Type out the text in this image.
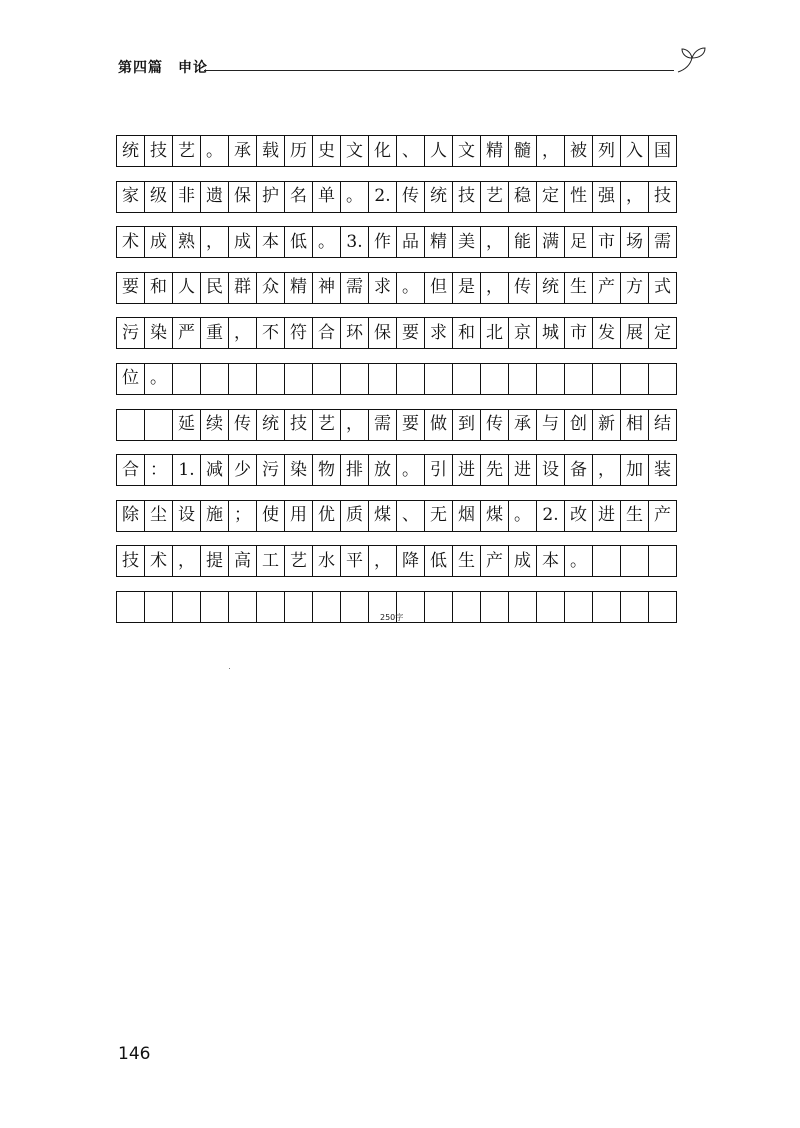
第四篇　申论
统 技 艺 。 承 载 历 史 文 化 、 人 文 精 髓 ， 被 列 入 国
家 级 非 遗 保 护 名 单 。 2. 传 统 技 艺 稳 定 性 强 ， 技
术 成 熟 ， 成 本 低 。 3. 作 品 精 美 ， 能 满 足 市 场 需
要 和 人 民 群 众 精 神 需 求 。 但 是 ， 传 统 生 产 方 式
污 染 严 重 ， 不 符 合 环 保 要 求 和 北 京 城 市 发 展 定
位 。
延 续 传 统 技 艺 ， 需 要 做 到 传 承 与 创 新 相 结
合 ： 1. 减 少 污 染 物 排 放 。 引 进 先 进 设 备 ， 加 装
除 尘 设 施 ； 使 用 优 质 煤 、 无 烟 煤 。 2. 改 进 生 产
技 术 ， 提 高 工 艺 水 平 ， 降 低 生 产 成 本 。
250字
146
